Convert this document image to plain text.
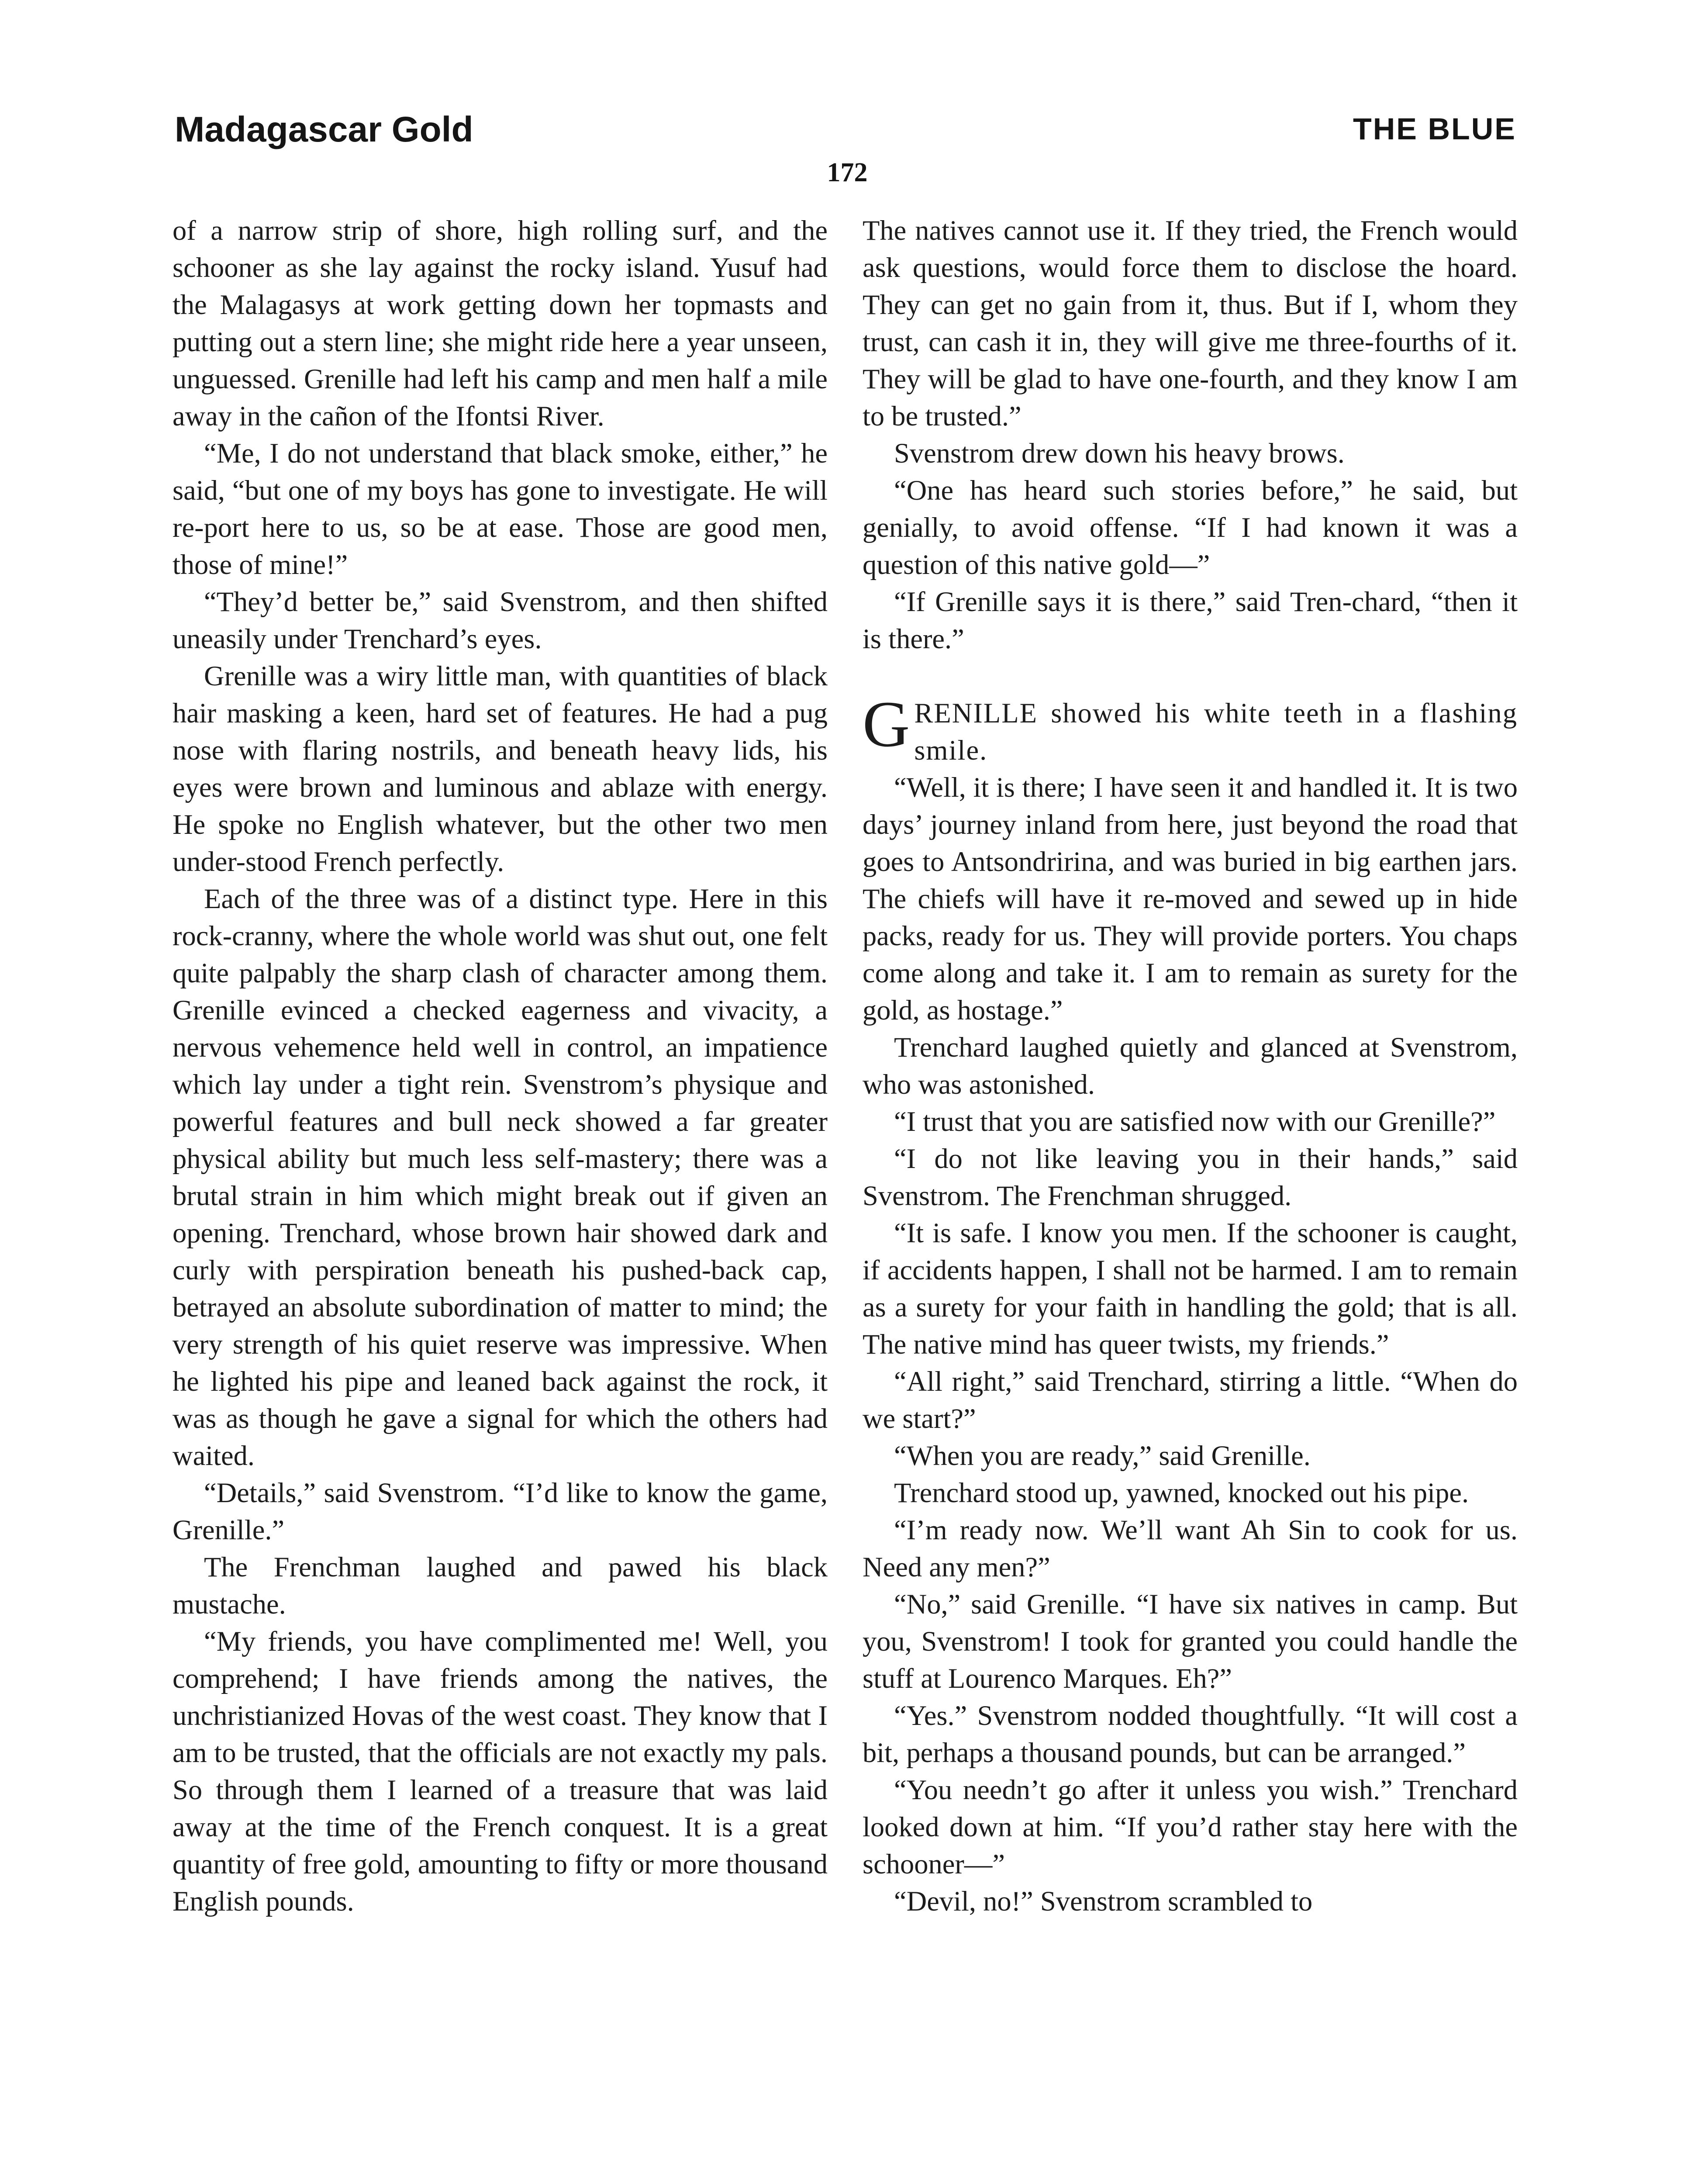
Madagascar Gold	THE BLUE
172

of a narrow strip of shore, high rolling surf, and the schooner as she lay against the rocky island. Yusuf had the Malagasys at work getting down her topmasts and putting out a stern line; she might ride here a year unseen, unguessed. Grenille had left his camp and men half a mile away in the cañon of the Ifontsi River.

“Me, I do not understand that black smoke, either,” he said, “but one of my boys has gone to investigate. He will re-port here to us, so be at ease. Those are good men, those of mine!”

“They’d better be,” said Svenstrom, and then shifted uneasily under Trenchard’s eyes.

Grenille was a wiry little man, with quantities of black hair masking a keen, hard set of features. He had a pug nose with flaring nostrils, and beneath heavy lids, his eyes were brown and luminous and ablaze with energy. He spoke no English whatever, but the other two men under-stood French perfectly.

Each of the three was of a distinct type. Here in this rock-cranny, where the whole world was shut out, one felt quite palpably the sharp clash of character among them. Grenille evinced a checked eagerness and vivacity, a nervous vehemence held well in control, an impatience which lay under a tight rein. Svenstrom’s physique and powerful features and bull neck showed a far greater physical ability but much less self-mastery; there was a brutal strain in him which might break out if given an opening. Trenchard, whose brown hair showed dark and curly with perspiration beneath his pushed-back cap, betrayed an absolute subordination of matter to mind; the very strength of his quiet reserve was impressive. When he lighted his pipe and leaned back against the rock, it was as though he gave a signal for which the others had waited.

“Details,” said Svenstrom. “I’d like to know the game, Grenille.”

The Frenchman laughed and pawed his black mustache.

“My friends, you have complimented me! Well, you comprehend; I have friends among the natives, the unchristianized Hovas of the west coast. They know that I am to be trusted, that the officials are not exactly my pals. So through them I learned of a treasure that was laid away at the time of the French conquest. It is a great quantity of free gold, amounting to fifty or more thousand English pounds.

The natives cannot use it. If they tried, the French would ask questions, would force them to disclose the hoard. They can get no gain from it, thus. But if I, whom they trust, can cash it in, they will give me three-fourths of it. They will be glad to have one-fourth, and they know I am to be trusted.”

Svenstrom drew down his heavy brows.

“One has heard such stories before,” he said, but genially, to avoid offense. “If I had known it was a question of this native gold—”

“If Grenille says it is there,” said Tren-chard, “then it is there.”

GRENILLE showed his white teeth in a flashing smile.

“Well, it is there; I have seen it and handled it. It is two days’ journey inland from here, just beyond the road that goes to Antsondririna, and was buried in big earthen jars. The chiefs will have it re-moved and sewed up in hide packs, ready for us. They will provide porters. You chaps come along and take it. I am to remain as surety for the gold, as hostage.”

Trenchard laughed quietly and glanced at Svenstrom, who was astonished.

“I trust that you are satisfied now with our Grenille?”

“I do not like leaving you in their hands,” said Svenstrom. The Frenchman shrugged.

“It is safe. I know you men. If the schooner is caught, if accidents happen, I shall not be harmed. I am to remain as a surety for your faith in handling the gold; that is all. The native mind has queer twists, my friends.”

“All right,” said Trenchard, stirring a little. “When do we start?”

“When you are ready,” said Grenille.

Trenchard stood up, yawned, knocked out his pipe.

“I’m ready now. We’ll want Ah Sin to cook for us. Need any men?”

“No,” said Grenille. “I have six natives in camp. But you, Svenstrom! I took for granted you could handle the stuff at Lourenco Marques. Eh?”

“Yes.” Svenstrom nodded thoughtfully. “It will cost a bit, perhaps a thousand pounds, but can be arranged.”

“You needn’t go after it unless you wish.” Trenchard looked down at him. “If you’d rather stay here with the schooner—”

“Devil, no!” Svenstrom scrambled to
